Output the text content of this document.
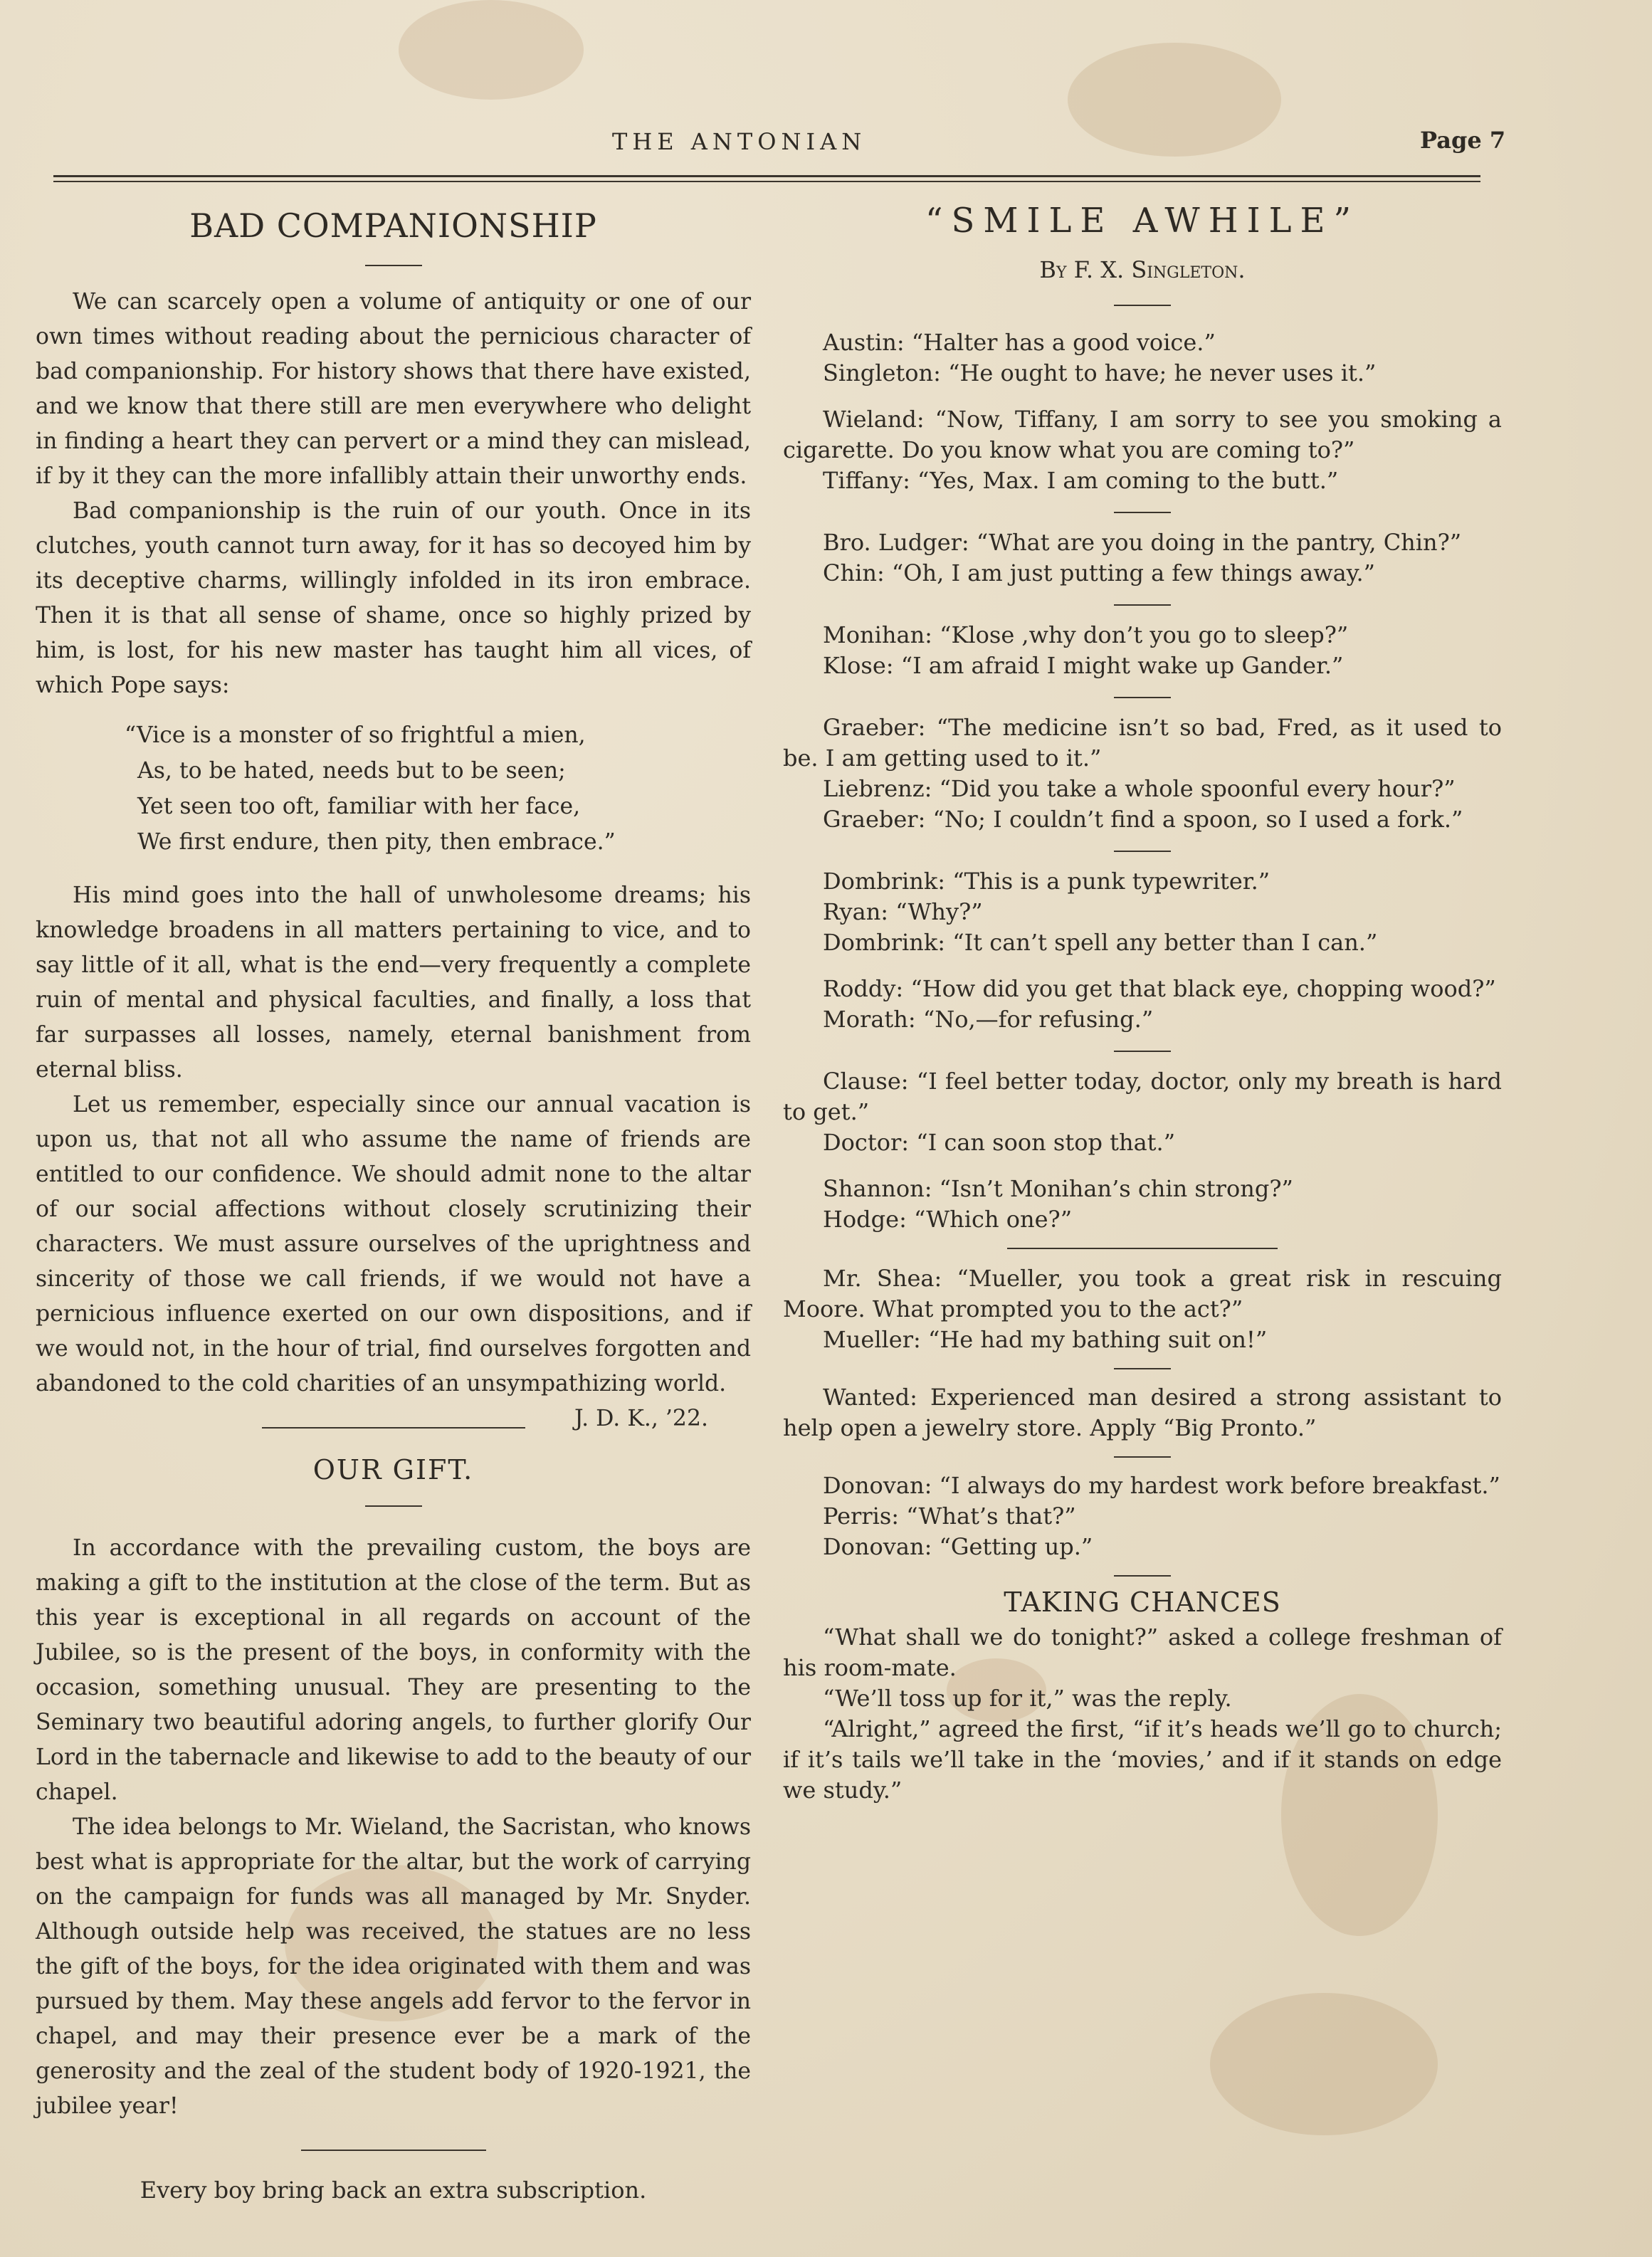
THE ANTONIAN	Page 7
BAD COMPANIONSHIP

We can scarcely open a volume of antiquity or one of our own times without reading about the pernicious character of bad companionship. For history shows that there have existed, and we know that there still are men everywhere who delight in finding a heart they can pervert or a mind they can mislead, if by it they can the more infallibly attain their unworthy ends.

Bad companionship is the ruin of our youth. Once in its clutches, youth cannot turn away, for it has so decoyed him by its deceptive charms, willingly infolded in its iron embrace. Then it is that all sense of shame, once so highly prized by him, is lost, for his new master has taught him all vices, of which Pope says:

“Vice is a monster of so frightful a mien,
As, to be hated, needs but to be seen;
Yet seen too oft, familiar with her face,
We first endure, then pity, then embrace.”

His mind goes into the hall of unwholesome dreams; his knowledge broadens in all matters pertaining to vice, and to say little of it all, what is the end—very frequently a complete ruin of mental and physical faculties, and finally, a loss that far surpasses all losses, namely, eternal banishment from eternal bliss.

Let us remember, especially since our annual vacation is upon us, that not all who assume the name of friends are entitled to our confidence. We should admit none to the altar of our social affections without closely scrutinizing their characters. We must assure ourselves of the uprightness and sincerity of those we call friends, if we would not have a pernicious influence exerted on our own dispositions, and if we would not, in the hour of trial, find ourselves forgotten and abandoned to the cold charities of an unsympathizing world.
J. D. K., ’22.

OUR GIFT.

In accordance with the prevailing custom, the boys are making a gift to the institution at the close of the term. But as this year is exceptional in all regards on account of the Jubilee, so is the present of the boys, in conformity with the occasion, something unusual. They are presenting to the Seminary two beautiful adoring angels, to further glorify Our Lord in the tabernacle and likewise to add to the beauty of our chapel.

The idea belongs to Mr. Wieland, the Sacristan, who knows best what is appropriate for the altar, but the work of carrying on the campaign for funds was all managed by Mr. Snyder. Although outside help was received, the statues are no less the gift of the boys, for the idea originated with them and was pursued by them. May these angels add fervor to the fervor in chapel, and may their presence ever be a mark of the generosity and the zeal of the student body of 1920-1921, the jubilee year!

Every boy bring back an extra subscription.
“SMILE AWHILE”
By F. X. Singleton.
Austin: “Halter has a good voice.”
Singleton: “He ought to have; he never uses it.”
Wieland: “Now, Tiffany, I am sorry to see you smoking a cigarette. Do you know what you are coming to?”
Tiffany: “Yes, Max. I am coming to the butt.”
Bro. Ludger: “What are you doing in the pantry, Chin?”
Chin: “Oh, I am just putting a few things away.”
Monihan: “Klose ,why don’t you go to sleep?”
Klose: “I am afraid I might wake up Gander.”
Graeber: “The medicine isn’t so bad, Fred, as it used to be. I am getting used to it.”
Liebrenz: “Did you take a whole spoonful every hour?”
Graeber: “No; I couldn’t find a spoon, so I used a fork.”
Dombrink: “This is a punk typewriter.”
Ryan: “Why?”
Dombrink: “It can’t spell any better than I can.”
Roddy: “How did you get that black eye, chopping wood?”
Morath: “No,—for refusing.”
Clause: “I feel better today, doctor, only my breath is hard to get.”
Doctor: “I can soon stop that.”
Shannon: “Isn’t Monihan’s chin strong?”
Hodge: “Which one?”
Mr. Shea: “Mueller, you took a great risk in rescuing Moore. What prompted you to the act?”
Mueller: “He had my bathing suit on!”
Wanted: Experienced man desired a strong assistant to help open a jewelry store. Apply “Big Pronto.”
Donovan: “I always do my hardest work before breakfast.”
Perris: “What’s that?”
Donovan: “Getting up.”
TAKING CHANCES

“What shall we do tonight?” asked a college freshman of his room-mate.

“We’ll toss up for it,” was the reply.

“Alright,” agreed the first, “if it’s heads we’ll go to church; if it’s tails we’ll take in the ‘movies,’ and if it stands on edge we study.”
